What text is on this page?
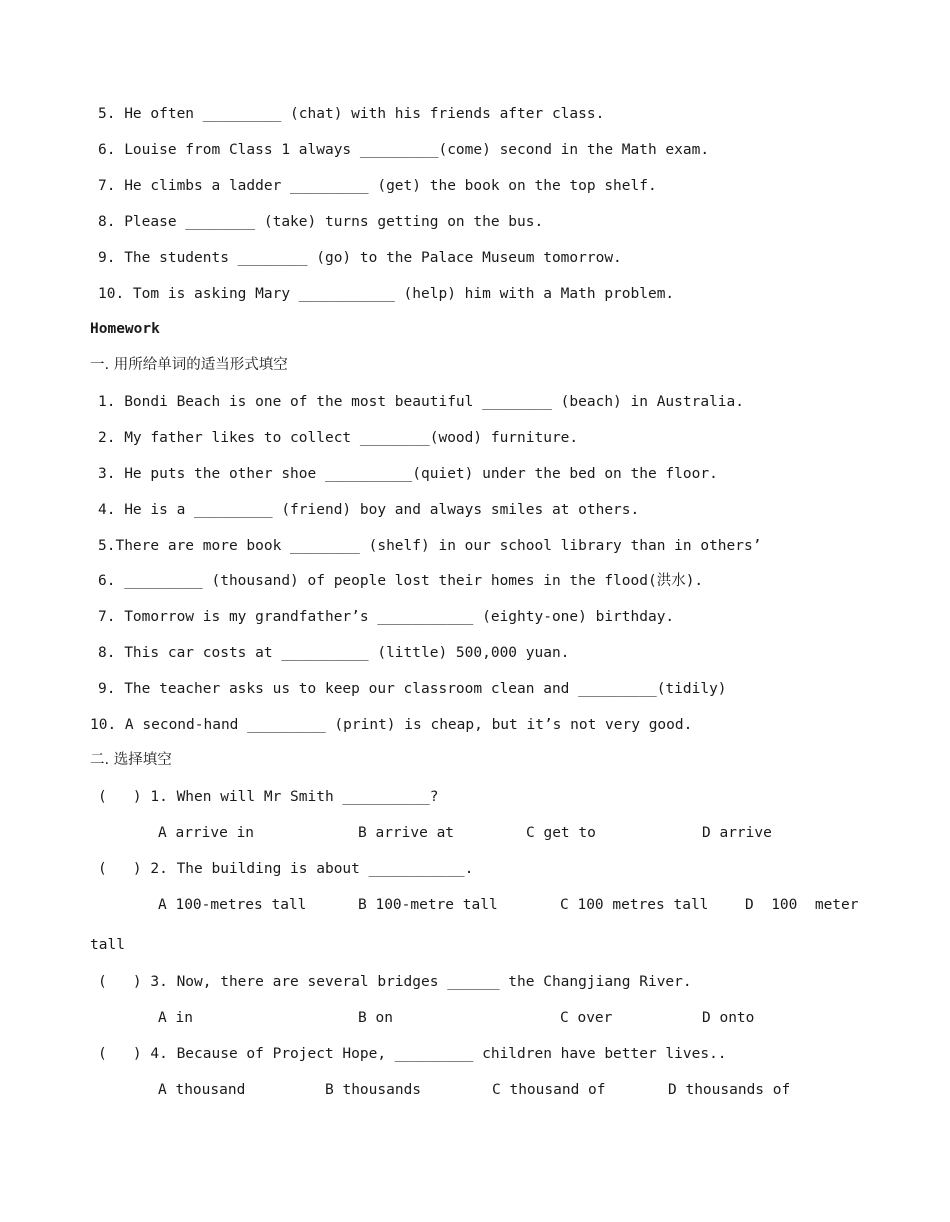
5. He often _________ (chat) with his friends after class.
6. Louise from Class 1 always _________(come) second in the Math exam.
7. He climbs a ladder _________ (get) the book on the top shelf.
8. Please ________ (take) turns getting on the bus.
9. The students ________ (go) to the Palace Museum tomorrow.
10. Tom is asking Mary ___________ (help) him with a Math problem.
Homework
一. 用所给单词的适当形式填空
1. Bondi Beach is one of the most beautiful ________ (beach) in Australia.
2. My father likes to collect ________(wood) furniture.
3. He puts the other shoe __________(quiet) under the bed on the floor.
4. He is a _________ (friend) boy and always smiles at others.
5.There are more book ________ (shelf) in our school library than in others’
6. _________ (thousand) of people lost their homes in the flood(洪水).
7. Tomorrow is my grandfather’s ___________ (eighty-one) birthday.
8. This car costs at __________ (little) 500,000 yuan.
9. The teacher asks us to keep our classroom clean and _________(tidily)
10. A second-hand _________ (print) is cheap, but it’s not very good.
二. 选择填空
(   ) 1. When will Mr Smith __________?
A arrive in	B arrive at	C get to	D arrive
(   ) 2. The building is about ___________.
A 100-metres tall	B 100-metre tall	C 100 metres tall	D  100  meter
tall
(   ) 3. Now, there are several bridges ______ the Changjiang River.
A in	B on	C over	D onto
(   ) 4. Because of Project Hope, _________ children have better lives..
A thousand	B thousands	C thousand of	D thousands of
